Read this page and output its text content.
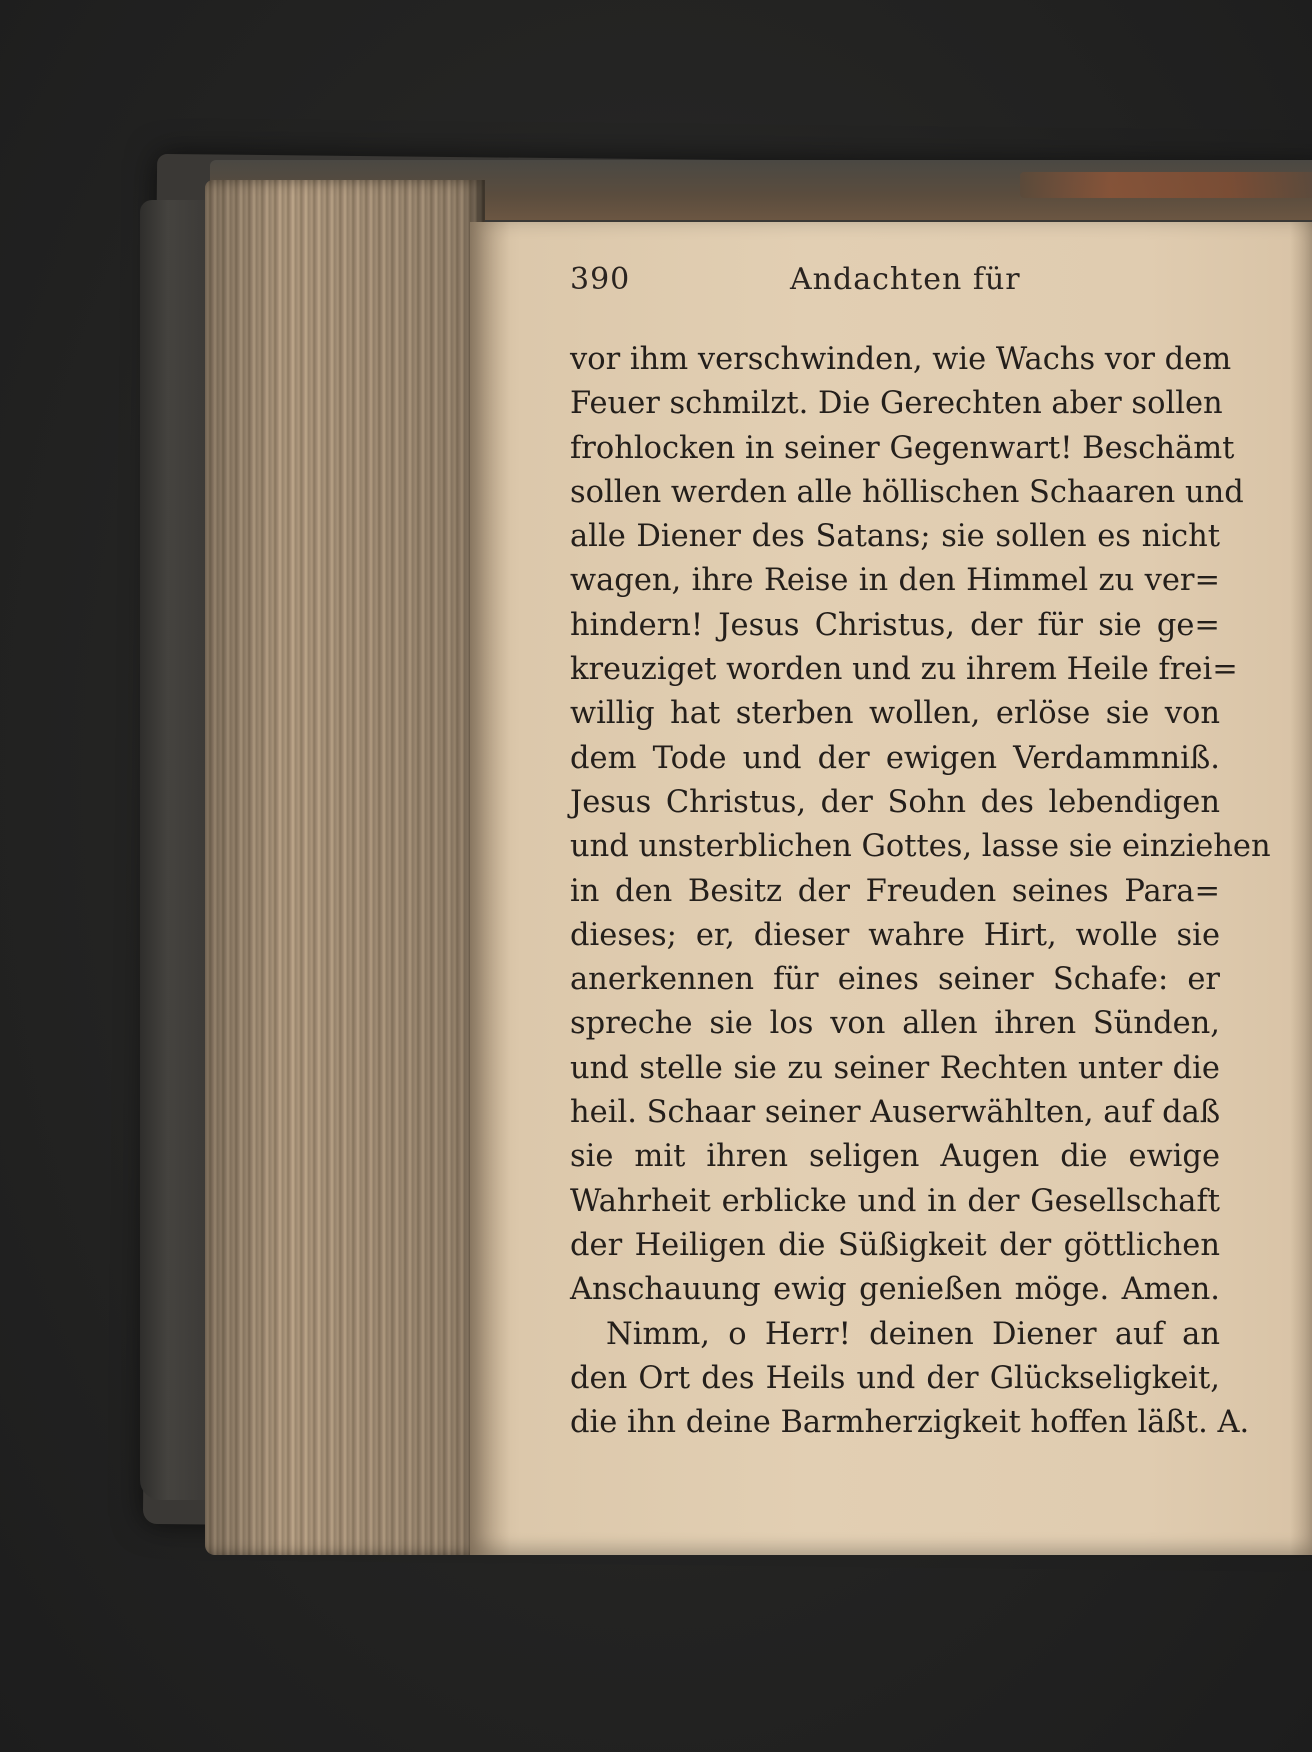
390	Andachten für
vor ihm verschwinden, wie Wachs vor dem
Feuer schmilzt. Die Gerechten aber sollen
frohlocken in seiner Gegenwart! Beschämt
sollen werden alle höllischen Schaaren und
alle Diener des Satans; sie sollen es nicht
wagen, ihre Reise in den Himmel zu ver=
hindern! Jesus Christus, der für sie ge=
kreuziget worden und zu ihrem Heile frei=
willig hat sterben wollen, erlöse sie von
dem Tode und der ewigen Verdammniß.
Jesus Christus, der Sohn des lebendigen
und unsterblichen Gottes, lasse sie einziehen
in den Besitz der Freuden seines Para=
dieses; er, dieser wahre Hirt, wolle sie
anerkennen für eines seiner Schafe: er
spreche sie los von allen ihren Sünden,
und stelle sie zu seiner Rechten unter die
heil. Schaar seiner Auserwählten, auf daß
sie mit ihren seligen Augen die ewige
Wahrheit erblicke und in der Gesellschaft
der Heiligen die Süßigkeit der göttlichen
Anschauung ewig genießen möge. Amen.
Nimm, o Herr! deinen Diener auf an
den Ort des Heils und der Glückseligkeit,
die ihn deine Barmherzigkeit hoffen läßt. A.
